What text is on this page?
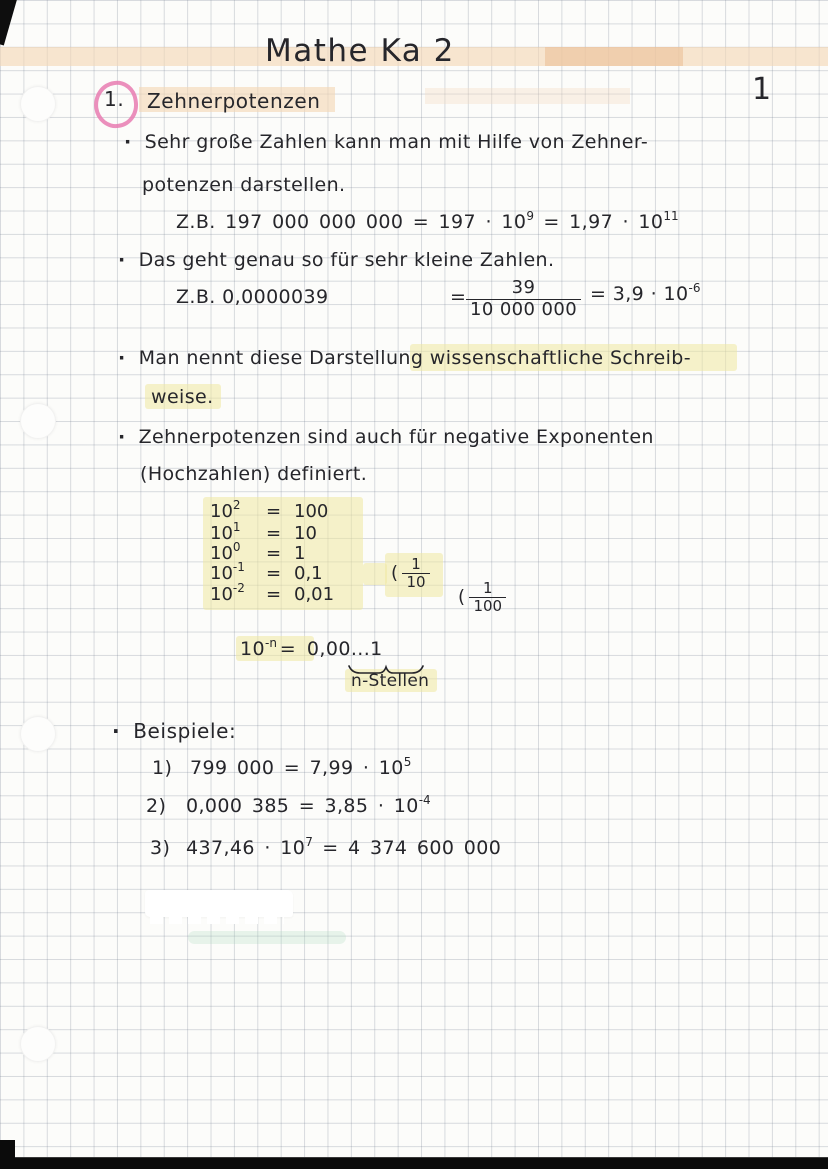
Mathe Ka 2
1
1. Zehnerpotenzen
· Sehr große Zahlen kann man mit Hilfe von Zehner-
potenzen darstellen.
Z.B. 197 000 000 $000 = 197 \cdot 10^9 = 1,97 \cdot 10^{11}$
· Das geht genau so für sehr kleine Zahlen.
Z.B. 0,0000039	= $\frac{39}{10 000 000} = 3,9 \cdot 10^{-6}$
· Man nennt diese Darstellung wissenschaftliche Schreib-
weise.
· Zehnerpotenzen sind auch für negative Exponenten
(Hochzahlen) definiert.
$10^2 = 100$
$10^1 = 10$
$10^0 = 1$
$10^{-1} = 0,1$
$10^{-2} = 0,01$
( $\frac{1}{10}$
( $\frac{1}{100}$
$10^{-n} = 0,00...1$
n-Stellen
· Beispiele:
1) 799 $000 = 7,99 \cdot 10^5$
2) 0,000 $385 = 3,85 \cdot 10^{-4}$
3) $437,46 \cdot 10^7 = 4$ 374 600 000
